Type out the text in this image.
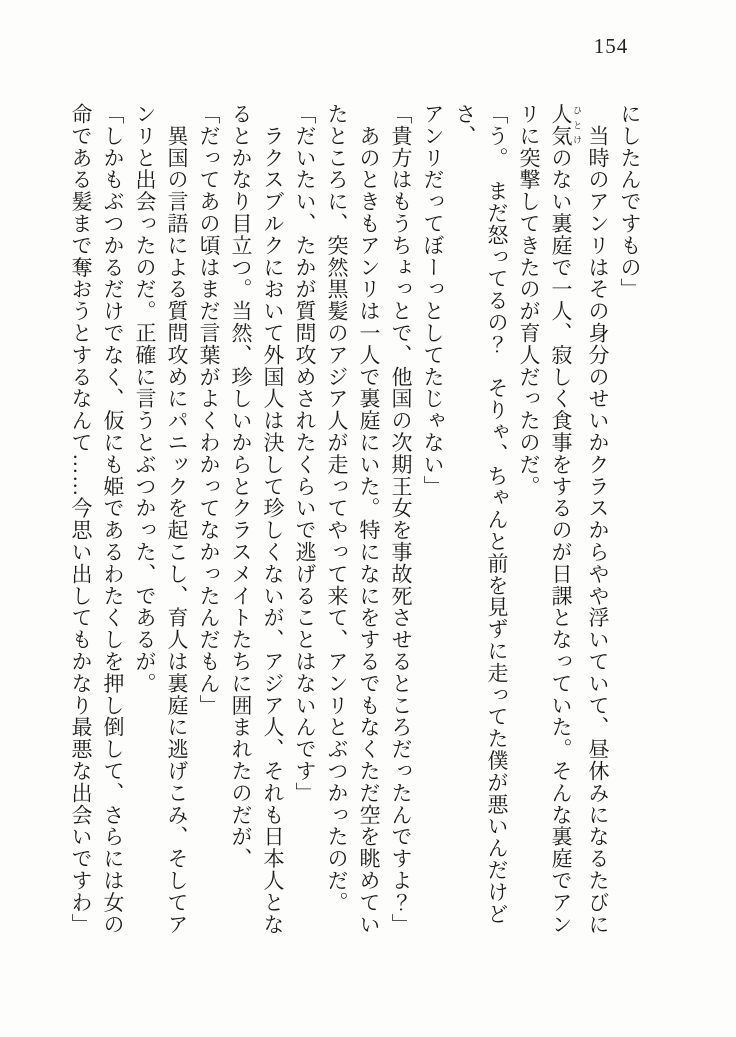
154

にしたんですもの」

　当時のアンリはその身分のせいかクラスからやや浮いていて、昼休みになるたびに

人気 ひとけのない裏庭で一人、寂しく食事をするのが日課となっていた。そんな裏庭でアン

リに突撃してきたのが育人だったのだ。

「う。　まだ怒ってるの？　そりゃ、ちゃんと前を見ずに走ってた僕が悪いんだけどさ、

アンリだってぼーっとしてたじゃない」

「貴方はもうちょっとで、他国の次期王女を事故死させるところだったんですよ？」

　あのときもアンリは一人で裏庭にいた。特になにをするでもなくただ空を眺めてい

たところに、突然黒髪のアジア人が走ってやって来て、アンリとぶつかったのだ。

「だいたい、たかが質問攻めされたくらいで逃げることはないんです」

　ラクスブルクにおいて外国人は決して珍しくないが、アジア人、それも日本人とな

るとかなり目立つ。当然、珍しいからとクラスメイトたちに囲まれたのだが、

「だってあの頃はまだ言葉がよくわかってなかったんだもん」

　異国の言語による質問攻めにパニックを起こし、育人は裏庭に逃げこみ、そしてア

ンリと出会ったのだ。正確に言うとぶつかった、であるが。

「しかもぶつかるだけでなく、仮にも姫であるわたくしを押し倒して、さらには女の

命である髪まで奪おうとするなんて……今思い出してもかなり最悪な出会いですわ」
